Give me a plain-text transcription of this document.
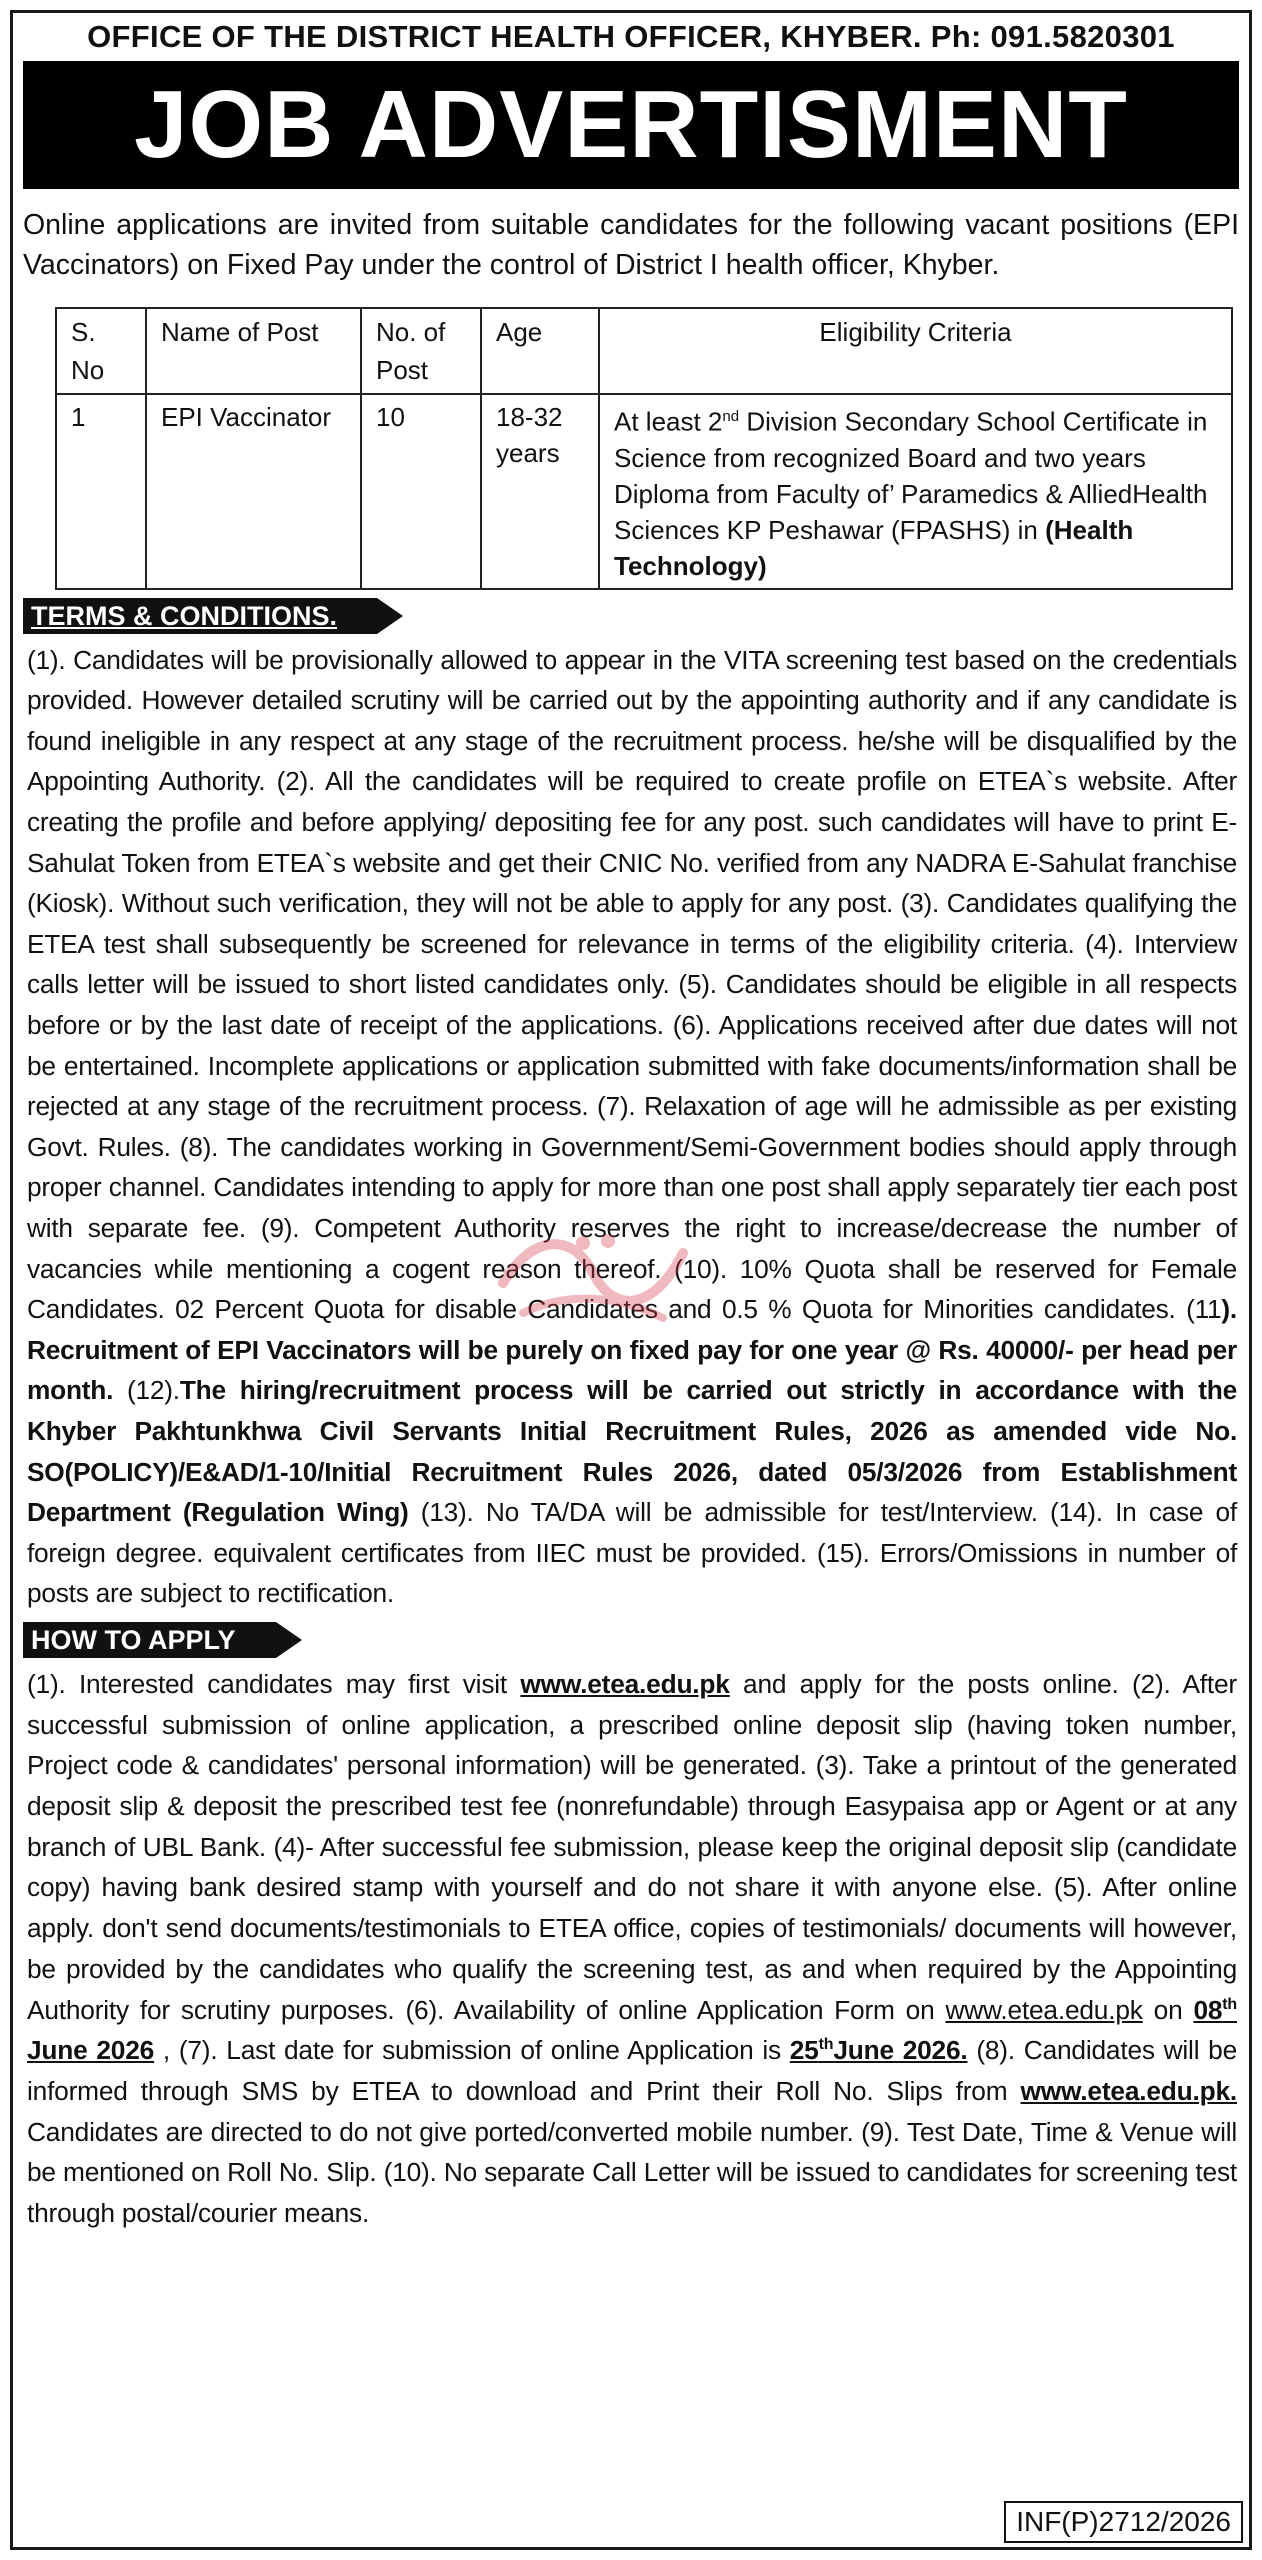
OFFICE OF THE DISTRICT HEALTH OFFICER, KHYBER. Ph: 091.5820301
JOB ADVERTISMENT
Online applications are invited from suitable candidates for the following vacant positions (EPI Vaccinators) on Fixed Pay under the control of District I health officer, Khyber.
S. No	Name of Post	No. of Post	Age	Eligibility Criteria
1	EPI Vaccinator	10	18-32 years	At least 2nd Division Secondary School Certificate in Science from recognized Board and two years Diploma from Faculty of’ Paramedics & AlliedHealth Sciences KP Peshawar (FPASHS) in (Health Technology)
TERMS & CONDITIONS.
(1). Candidates will be provisionally allowed to appear in the VITA screening test based on the credentials provided. However detailed scrutiny will be carried out by the appointing authority and if any candidate is found ineligible in any respect at any stage of the recruitment process. he/she will be disqualified by the Appointing Authority. (2). All the candidates will be required to create profile on ETEA`s website. After creating the profile and before applying/ depositing fee for any post. such candidates will have to print E-Sahulat Token from ETEA`s website and get their CNIC No. verified from any NADRA E-Sahulat franchise (Kiosk). Without such verification, they will not be able to apply for any post. (3). Candidates qualifying the ETEA test shall subsequently be screened for relevance in terms of the eligibility criteria. (4). Interview calls letter will be issued to short listed candidates only. (5). Candidates should be eligible in all respects before or by the last date of receipt of the applications. (6). Applications received after due dates will not be entertained. Incomplete applications or application submitted with fake documents/information shall be rejected at any stage of the recruitment process. (7). Relaxation of age will he admissible as per existing Govt. Rules. (8). The candidates working in Government/Semi-Government bodies should apply through proper channel. Candidates intending to apply for more than one post shall apply separately tier each post with separate fee. (9). Competent Authority reserves the right to increase/decrease the number of vacancies while mentioning a cogent reason thereof. (10). 10% Quota shall be reserved for Female Candidates. 02 Percent Quota for disable Candidates and 0.5 % Quota for Minorities candidates. (11). Recruitment of EPI Vaccinators will be purely on fixed pay for one year @ Rs. 40000/- per head per month. (12).The hiring/recruitment process will be carried out strictly in accordance with the Khyber Pakhtunkhwa Civil Servants Initial Recruitment Rules, 2026 as amended vide No. SO(POLICY)/E&AD/1-10/Initial Recruitment Rules 2026, dated 05/3/2026 from Establishment Department (Regulation Wing) (13). No TA/DA will be admissible for test/Interview. (14). In case of foreign degree. equivalent certificates from IIEC must be provided. (15). Errors/Omissions in number of posts are subject to rectification.
HOW TO APPLY
(1). Interested candidates may first visit www.etea.edu.pk and apply for the posts online. (2). After successful submission of online application, a prescribed online deposit slip (having token number, Project code & candidates' personal information) will be generated. (3). Take a printout of the generated deposit slip & deposit the prescribed test fee (nonrefundable) through Easypaisa app or Agent or at any branch of UBL Bank. (4)- After successful fee submission, please keep the original deposit slip (candidate copy) having bank desired stamp with yourself and do not share it with anyone else. (5). After online apply. don't send documents/testimonials to ETEA office, copies of testimonials/ documents will however, be provided by the candidates who qualify the screening test, as and when required by the Appointing Authority for scrutiny purposes. (6). Availability of online Application Form on www.etea.edu.pk on 08th June 2026 , (7). Last date for submission of online Application is 25thJune 2026. (8). Candidates will be informed through SMS by ETEA to download and Print their Roll No. Slips from www.etea.edu.pk. Candidates are directed to do not give ported/converted mobile number. (9). Test Date, Time & Venue will be mentioned on Roll No. Slip. (10). No separate Call Letter will be issued to candidates for screening test through postal/courier means.
INF(P)2712/2026
